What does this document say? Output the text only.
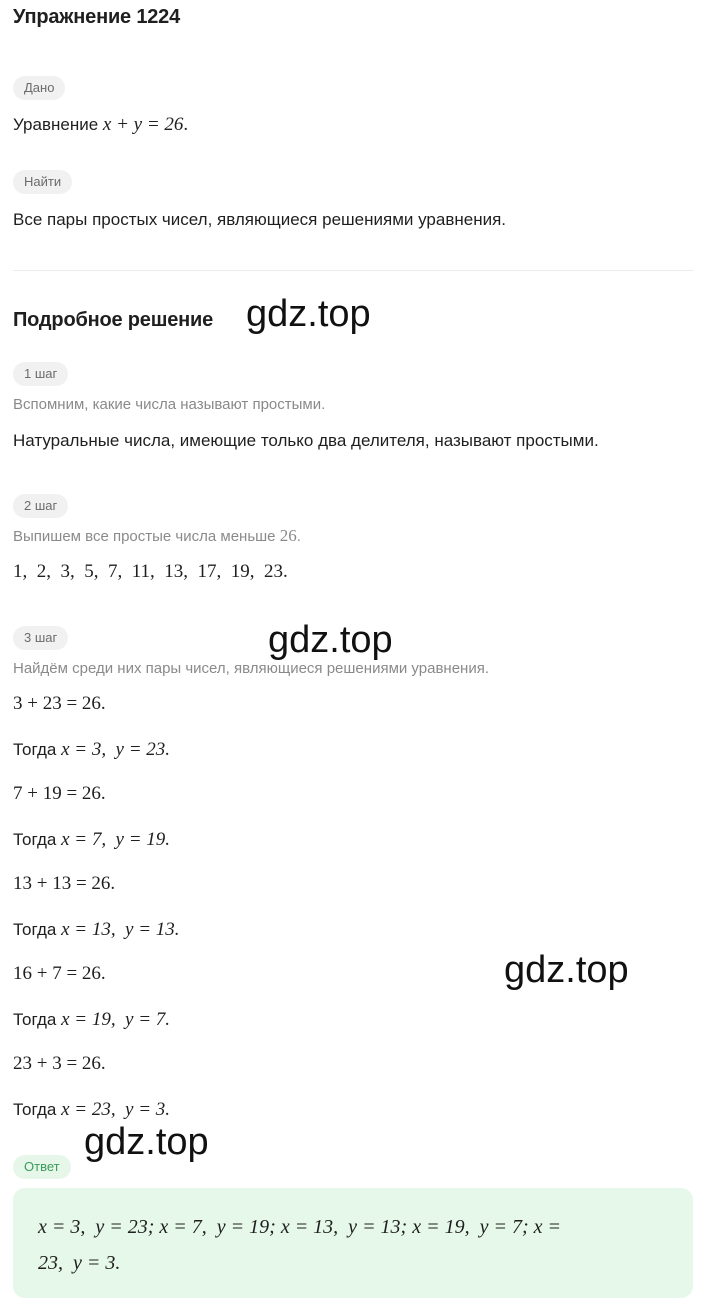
Упражнение 1224
Дано
Уравнение x + y = 26.
Найти
Все пары простых чисел, являющиеся решениями уравнения.
Подробное решение
1 шаг
Вспомним, какие числа называют простыми.
Натуральные числа, имеющие только два делителя, называют простыми.
2 шаг
Выпишем все простые числа меньше 26.
1,  2,  3,  5,  7,  11,  13,  17,  19,  23.
3 шаг
Найдём среди них пары чисел, являющиеся решениями уравнения.
3 + 23 = 26.
Тогда x = 3, y = 23.
7 + 19 = 26.
Тогда x = 7, y = 19.
13 + 13 = 26.
Тогда x = 13, y = 13.
16 + 7 = 26.
Тогда x = 19, y = 7.
23 + 3 = 26.
Тогда x = 23, y = 3.
Ответ
x = 3,  y = 23; x = 7,  y = 19; x = 13,  y = 13; x = 19,  y = 7; x =
23,  y = 3.
gdz.top
gdz.top
gdz.top
gdz.top
